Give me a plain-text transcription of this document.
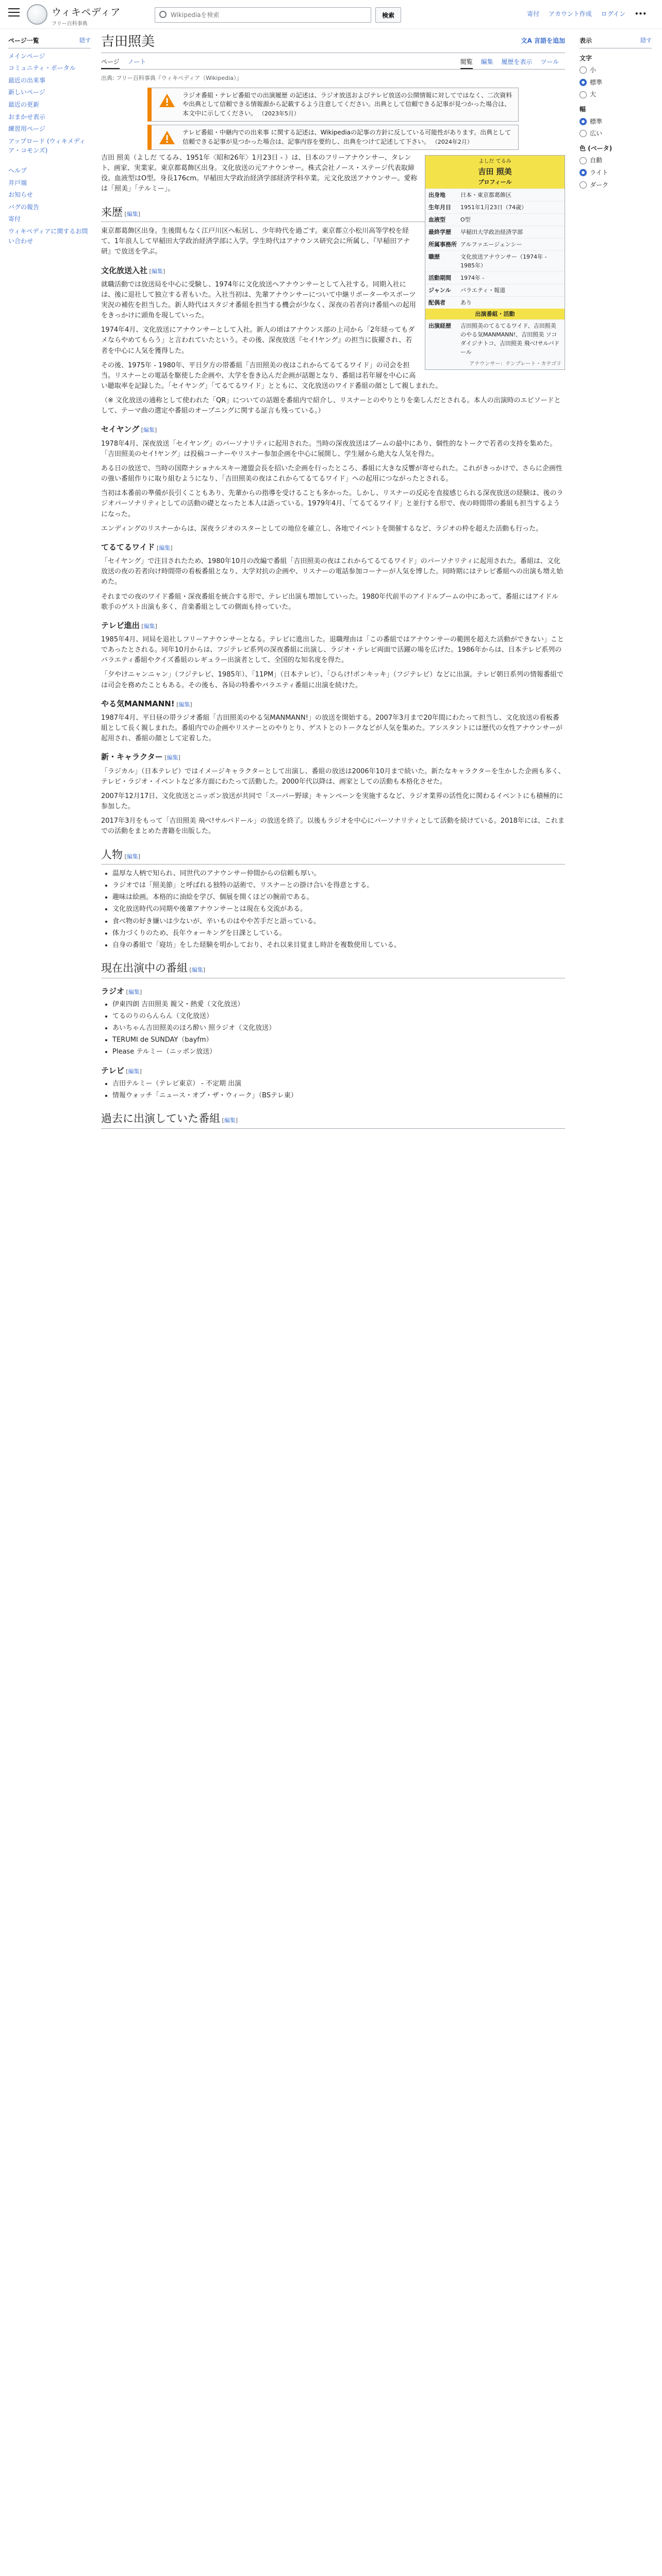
ウィキペディア
フリー百科事典
Wikipediaを検索
検索	寄付 アカウント作成 ログイン •••
ページ一覧	隠す
メインページ
コミュニティ・ポータル
最近の出来事
新しいページ
最近の更新
おまかせ表示
練習用ページ
アップロード (ウィキメディア・コモンズ)
ヘルプ
井戸端
お知らせ
バグの報告
寄付
ウィキペディアに関するお問い合わせ
表示	隠す
文字
小
標準
大
幅
標準
広い
色 (ベータ)
自動
ライト
ダーク
吉田照美	文A 言語を追加
ページ ノート	閲覧 編集 履歴を表示 ツール
出典: フリー百科事典『ウィキペディア（Wikipedia）』
ラジオ番組・テレビ番組での出演履歴 の記述は、ラジオ放送およびテレビ放送の公開情報に対してではなく、二次資料や出典として信頼できる情報源から記載するよう注意してください。出典として信頼できる記事が見つかった場合は、本文中に示してください。 （2023年5月）
テレビ番組・中継内での出来事 に関する記述は、Wikipediaの記事の方針に反している可能性があります。出典として信頼できる記事が見つかった場合は、記事内容を要約し、出典をつけて記述して下さい。 （2024年2月）
よしだ てるみ
吉田 照美
プロフィール
出身地	日本・東京都葛飾区
生年月日	1951年1月23日（74歳）
血液型	O型
最終学歴	早稲田大学政治経済学部
所属事務所 アルファエージェンシー
職歴	文化放送アナウンサー（1974年 - 1985年）
活動期間	1974年 -
ジャンル	バラエティ・報道
配偶者	あり
出演番組・活動
出演経歴	吉田照美のてるてるワイド、吉田照美のやる気MANMANN!、吉田照美 ソコダイジナトコ、吉田照美 飛べ!サルバドール
アナウンサー：テンプレート・カテゴリ

吉田 照美（よしだ てるみ、1951年〈昭和26年〉1月23日 - ）は、日本のフリーアナウンサー、タレント、画家、実業家。東京都葛飾区出身。文化放送の元アナウンサー。株式会社ノース・ステージ代表取締役。血液型はO型。身長176cm。早稲田大学政治経済学部経済学科卒業。元文化放送アナウンサー。愛称は「照美」「テルミー」。

来歴 [編集]

東京都葛飾区出身。生後間もなく江戸川区へ転居し、少年時代を過ごす。東京都立小松川高等学校を経て、1年浪人して早稲田大学政治経済学部に入学。学生時代はアナウンス研究会に所属し、『早稲田アナ研』で放送を学ぶ。

文化放送入社 [編集]

就職活動では放送局を中心に受験し、1974年に文化放送へアナウンサーとして入社する。同期入社には、後に退社して独立する者もいた。入社当初は、先輩アナウンサーについて中継リポーターやスポーツ実況の補佐を担当した。新人時代はスタジオ番組を担当する機会が少なく、深夜の若者向け番組への起用をきっかけに頭角を現していった。

1974年4月、文化放送にアナウンサーとして入社。新人の頃はアナウンス部の上司から「2年経ってもダメならやめてもらう」と言われていたという。その後、深夜放送『セイ!ヤング』の担当に抜擢され、若者を中心に人気を獲得した。

その後、1975年 - 1980年、平日夕方の帯番組「吉田照美の夜はこれからてるてるワイド」の司会を担当。リスナーとの電話を駆使した企画や、大学を巻き込んだ企画が話題となり、番組は若年層を中心に高い聴取率を記録した。「セイヤング」「てるてるワイド」とともに、文化放送のワイド番組の顔として親しまれた。

（※ 文化放送の通称として使われた「QR」についての話題を番組内で紹介し、リスナーとのやりとりを楽しんだとされる。本人の出演時のエピソードとして、テーマ曲の選定や番組のオープニングに関する証言も残っている。）

セイヤング [編集]

1978年4月、深夜放送「セイヤング」のパーソナリティに起用された。当時の深夜放送はブームの最中にあり、個性的なトークで若者の支持を集めた。「吉田照美のセイ!ヤング」は投稿コーナーやリスナー参加企画を中心に展開し、学生層から絶大な人気を得た。

ある日の放送で、当時の国際ナショナルスキー連盟会長を招いた企画を行ったところ、番組に大きな反響が寄せられた。これがきっかけで、さらに企画性の強い番組作りに取り組むようになり、「吉田照美の夜はこれからてるてるワイド」への起用につながったとされる。

当初は本番前の準備が長引くこともあり、先輩からの指導を受けることも多かった。しかし、リスナーの反応を直接感じられる深夜放送の経験は、後のラジオパーソナリティとしての活動の礎となったと本人は語っている。1979年4月、「てるてるワイド」と並行する形で、夜の時間帯の番組も担当するようになった。

エンディングのリスナーからは、深夜ラジオのスターとしての地位を確立し、各地でイベントを開催するなど、ラジオの枠を超えた活動も行った。

てるてるワイド [編集]

「セイヤング」で注目されたため、1980年10月の改編で番組「吉田照美の夜はこれからてるてるワイド」のパーソナリティに起用された。番組は、文化放送の夜の若者向け時間帯の看板番組となり、大学対抗の企画や、リスナーの電話参加コーナーが人気を博した。同時期にはテレビ番組への出演も増え始めた。

それまでの夜のワイド番組・深夜番組を統合する形で、テレビ出演も増加していった。1980年代前半のアイドルブームの中にあって、番組にはアイドル歌手のゲスト出演も多く、音楽番組としての側面も持っていた。

テレビ進出 [編集]

1985年4月、同局を退社しフリーアナウンサーとなる。テレビに進出した。退職理由は「この番組ではアナウンサーの範囲を超えた活動ができない」ことであったとされる。同年10月からは、フジテレビ系列の深夜番組に出演し、ラジオ・テレビ両面で活躍の場を広げた。1986年からは、日本テレビ系列のバラエティ番組やクイズ番組のレギュラー出演者として、全国的な知名度を得た。

「夕やけニャンニャン」（フジテレビ、1985年）、「11PM」（日本テレビ）、「ひらけ!ポンキッキ」（フジテレビ）などに出演。テレビ朝日系列の情報番組では司会を務めたこともある。その後も、各局の特番やバラエティ番組に出演を続けた。

やる気MANMANN! [編集]

1987年4月、平日昼の帯ラジオ番組「吉田照美のやる気MANMANN!」の放送を開始する。2007年3月まで20年間にわたって担当し、文化放送の看板番組として長く親しまれた。番組内での企画やリスナーとのやりとり、ゲストとのトークなどが人気を集めた。アシスタントには歴代の女性アナウンサーが起用され、番組の顔として定着した。

新・キャラクター [編集]

「ラジカル」（日本テレビ）ではイメージキャラクターとして出演し、番組の放送は2006年10月まで続いた。新たなキャラクターを生かした企画も多く、テレビ・ラジオ・イベントなど多方面にわたって活動した。2000年代以降は、画家としての活動も本格化させた。

2007年12月17日、文化放送とニッポン放送が共同で「スーパー野球」キャンペーンを実施するなど、ラジオ業界の活性化に関わるイベントにも積極的に参加した。

2017年3月をもって「吉田照美 飛べ!サルバドール」の放送を終了。以後もラジオを中心にパーソナリティとして活動を続けている。2018年には、これまでの活動をまとめた書籍を出版した。

人物 [編集]
• 温厚な人柄で知られ、同世代のアナウンサー仲間からの信頼も厚い。
• ラジオでは「照美節」と呼ばれる独特の話術で、リスナーとの掛け合いを得意とする。
• 趣味は絵画。本格的に油絵を学び、個展を開くほどの腕前である。
• 文化放送時代の同期や後輩アナウンサーとは現在も交流がある。
• 食べ物の好き嫌いは少ないが、辛いものはやや苦手だと語っている。
• 体力づくりのため、長年ウォーキングを日課としている。
• 自身の番組で「寝坊」をした経験を明かしており、それ以来目覚まし時計を複数使用している。
現在出演中の番組 [編集]
ラジオ [編集]
• 伊東四朗 吉田照美 親父・熱愛（文化放送）
• てるのりのらんらん（文化放送）
• あいちゃん吉田照美のほろ酔い 照ラジオ（文化放送）
• TERUMI de SUNDAY（bayfm）
• Please テルミー（ニッポン放送）
テレビ [編集]
• 吉田テルミー（テレビ東京） - 不定期 出演
• 情報ウォッチ「ニュース・オブ・ザ・ウィーク」（BSテレ東）
過去に出演していた番組 [編集]
